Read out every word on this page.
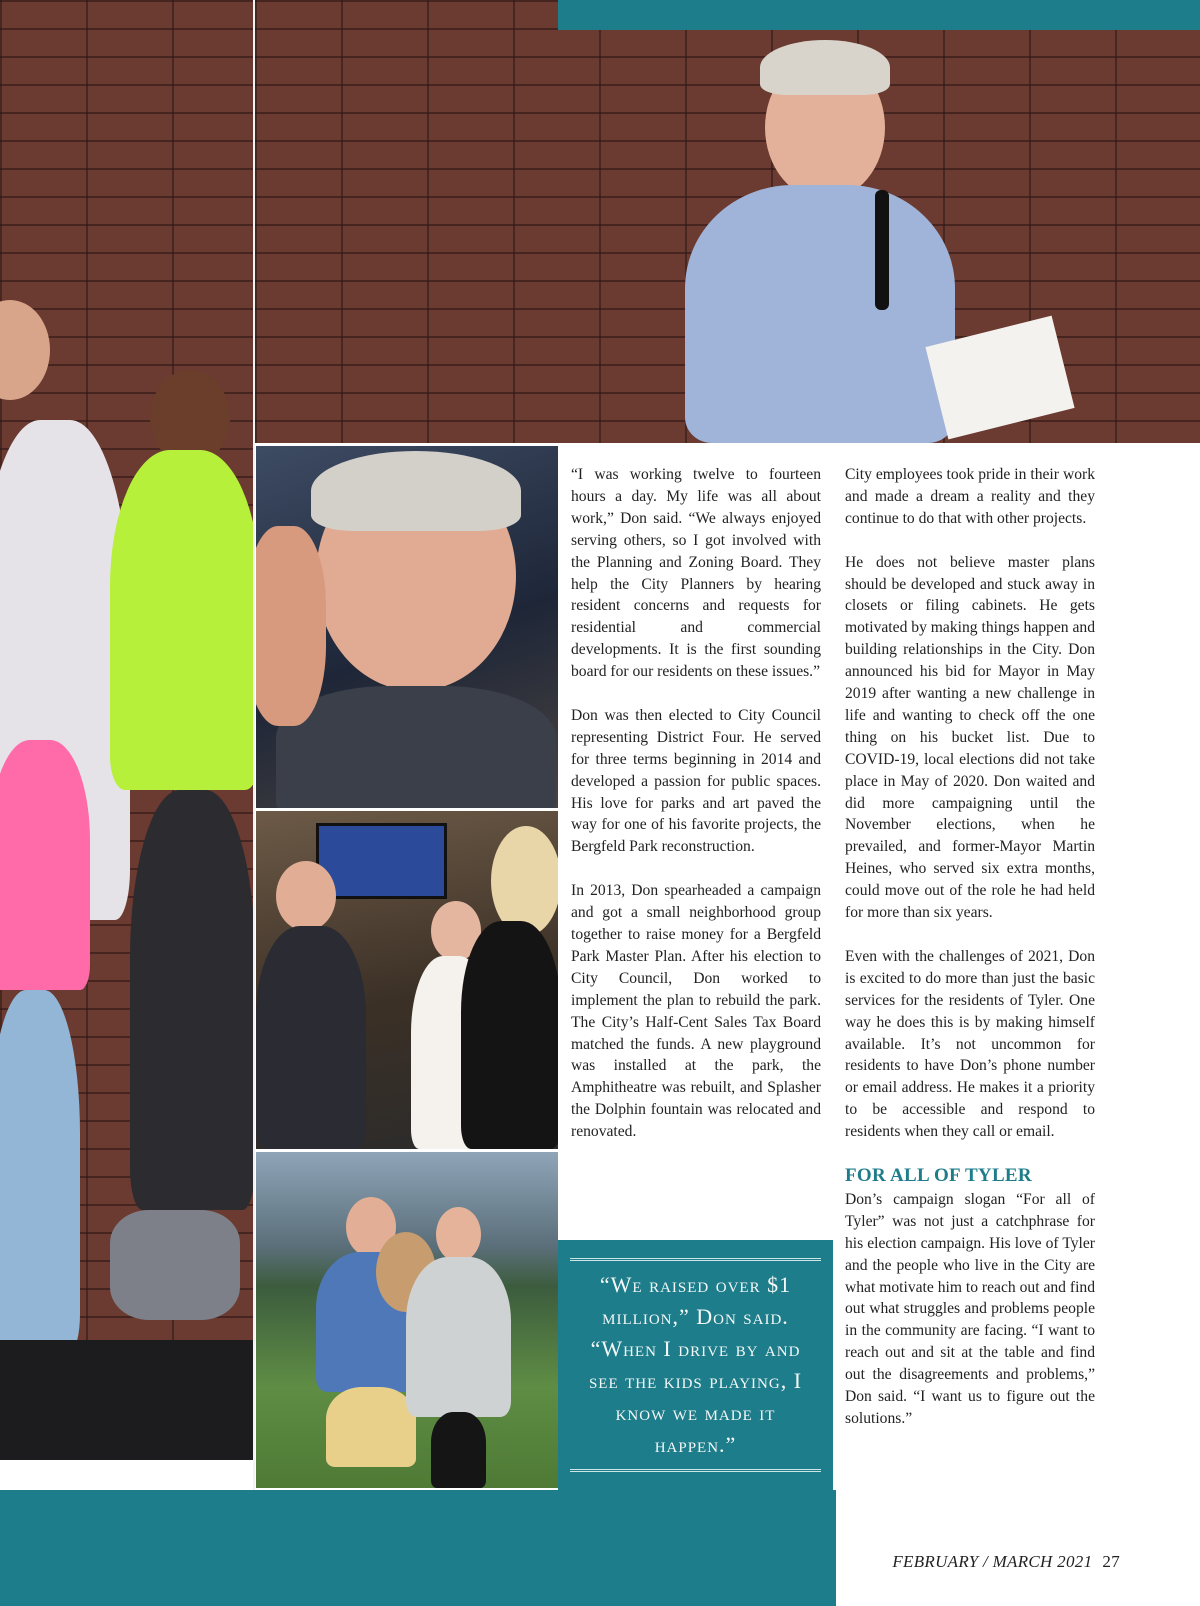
“I was working twelve to fourteen hours a day. My life was all about work,” Don said. “We always enjoyed serving others, so I got involved with the Planning and Zoning Board. They help the City Planners by hearing resident concerns and requests for residential and commercial developments. It is the first sounding board for our residents on these issues.”

Don was then elected to City Council representing District Four. He served for three terms beginning in 2014 and developed a passion for public spaces. His love for parks and art paved the way for one of his favorite projects, the Bergfeld Park reconstruction.

In 2013, Don spearheaded a campaign and got a small neighborhood group together to raise money for a Bergfeld Park Master Plan. After his election to City Council, Don worked to implement the plan to rebuild the park. The City’s Half-Cent Sales Tax Board matched the funds. A new playground was installed at the park, the Amphitheatre was rebuilt, and Splasher the Dolphin fountain was relocated and renovated.

“We raised over $1 million,” Don said. “When I drive by and see the kids playing, I know we made it happen.”

City employees took pride in their work and made a dream a reality and they continue to do that with other projects.

He does not believe master plans should be developed and stuck away in closets or filing cabinets. He gets motivated by making things happen and building relationships in the City. Don announced his bid for Mayor in May 2019 after wanting a new challenge in life and wanting to check off the one thing on his bucket list. Due to COVID-19, local elections did not take place in May of 2020. Don waited and did more campaigning until the November elections, when he prevailed, and former-Mayor Martin Heines, who served six extra months, could move out of the role he had held for more than six years.

Even with the challenges of 2021, Don is excited to do more than just the basic services for the residents of Tyler. One way he does this is by making himself available. It’s not uncommon for residents to have Don’s phone number or email address. He makes it a priority to be accessible and respond to residents when they call or email.

FOR ALL OF TYLER

Don’s campaign slogan “For all of Tyler” was not just a catchphrase for his election campaign. His love of Tyler and the people who live in the City are what motivate him to reach out and find out what struggles and problems people in the community are facing. “I want to reach out and sit at the table and find out the disagreements and problems,” Don said. “I want us to figure out the solutions.”

FEBRUARY / MARCH 2021 27
